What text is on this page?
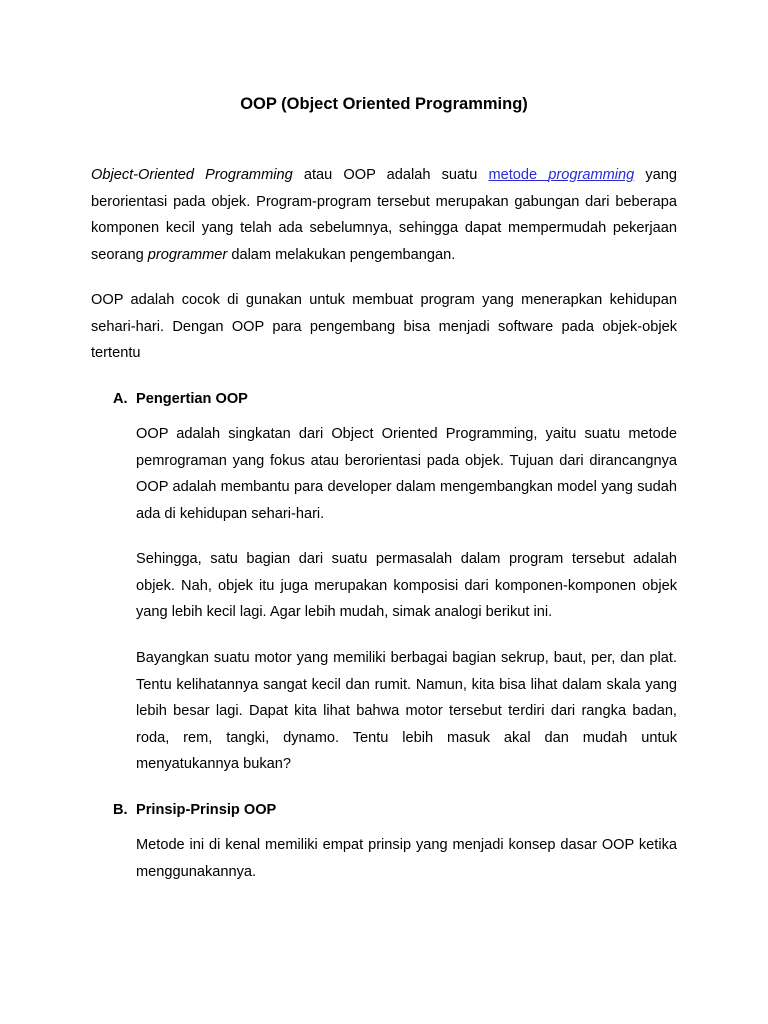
OOP (Object Oriented Programming)

Object-Oriented Programming atau OOP adalah suatu metode programming yang berorientasi pada objek. Program-program tersebut merupakan gabungan dari beberapa komponen kecil yang telah ada sebelumnya, sehingga dapat mempermudah pekerjaan seorang programmer dalam melakukan pengembangan.

OOP adalah cocok di gunakan untuk membuat program yang menerapkan kehidupan sehari-hari. Dengan OOP para pengembang bisa menjadi software pada objek-objek tertentu

A. Pengertian OOP

OOP adalah singkatan dari Object Oriented Programming, yaitu suatu metode pemrograman yang fokus atau berorientasi pada objek. Tujuan dari dirancangnya OOP adalah membantu para developer dalam mengembangkan model yang sudah ada di kehidupan sehari-hari.

Sehingga, satu bagian dari suatu permasalah dalam program tersebut adalah objek. Nah, objek itu juga merupakan komposisi dari komponen-komponen objek yang lebih kecil lagi. Agar lebih mudah, simak analogi berikut ini.

Bayangkan suatu motor yang memiliki berbagai bagian sekrup, baut, per, dan plat. Tentu kelihatannya sangat kecil dan rumit. Namun, kita bisa lihat dalam skala yang lebih besar lagi. Dapat kita lihat bahwa motor tersebut terdiri dari rangka badan, roda, rem, tangki, dynamo. Tentu lebih masuk akal dan mudah untuk menyatukannya bukan?

B. Prinsip-Prinsip OOP

Metode ini di kenal memiliki empat prinsip yang menjadi konsep dasar OOP ketika menggunakannya.
